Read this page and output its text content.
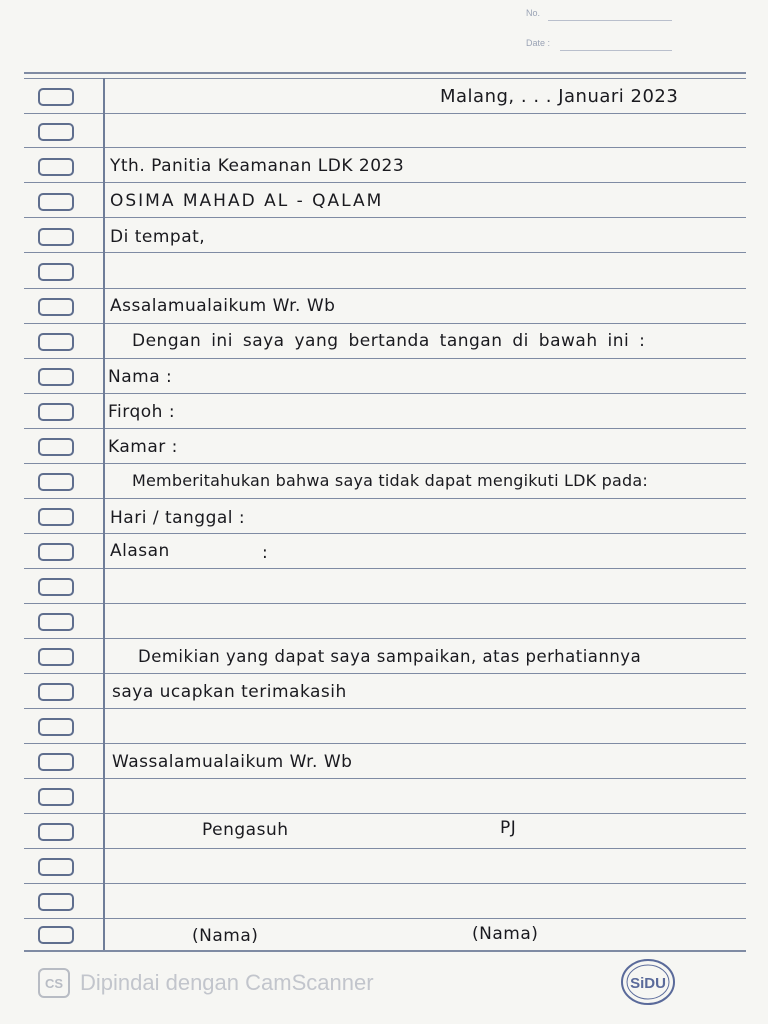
No.
Date :
Malang, . . . Januari 2023
Yth. Panitia Keamanan LDK 2023
OSIMA MAHAD AL - QALAM
Di tempat,
Assalamualaikum Wr. Wb
Dengan ini saya yang bertanda tangan di bawah ini :
Nama :
Firqoh :
Kamar :
Memberitahukan bahwa saya tidak dapat mengikuti LDK pada:
Hari / tanggal :
Alasan	:
Demikian yang dapat saya sampaikan, atas perhatiannya
saya ucapkan terimakasih
Wassalamualaikum Wr. Wb
Pengasuh	PJ
(Nama)	(Nama)
CS Dipindai dengan CamScanner	SiDU
